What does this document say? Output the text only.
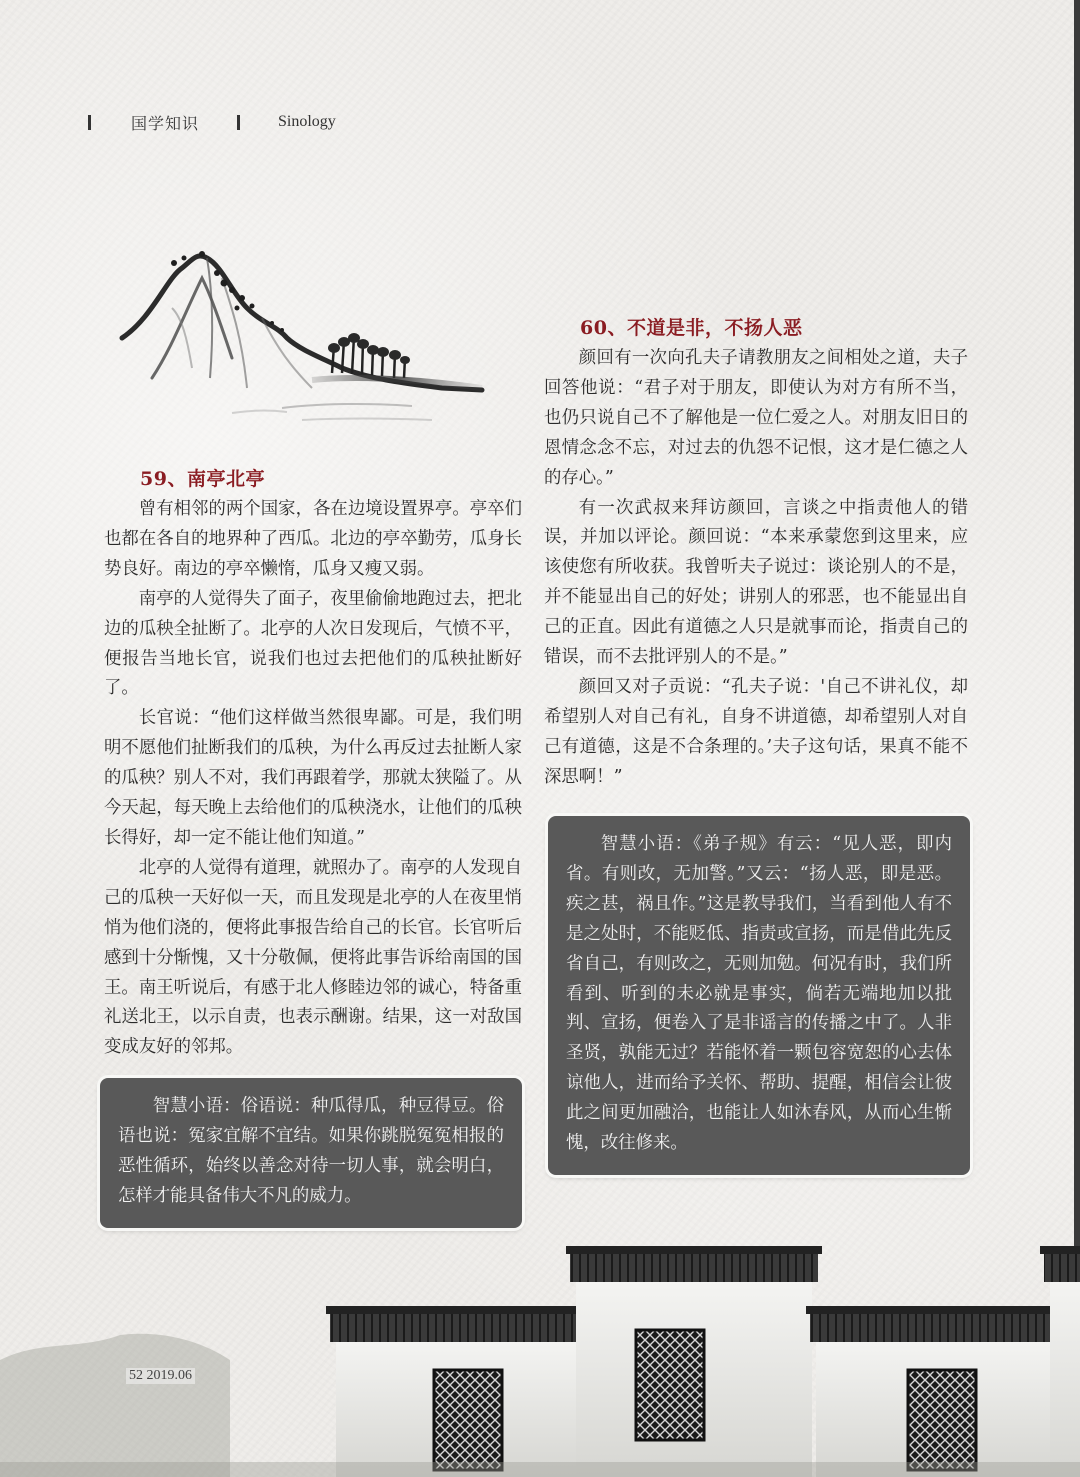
国学知识	Sinology
59、南亭北亭

曾有相邻的两个国家，各在边境设置界亭。亭卒们也都在各自的地界种了西瓜。北边的亭卒勤劳，瓜身长势良好。南边的亭卒懒惰，瓜身又瘦又弱。

南亭的人觉得失了面子，夜里偷偷地跑过去，把北边的瓜秧全扯断了。北亭的人次日发现后，气愤不平，便报告当地长官，说我们也过去把他们的瓜秧扯断好了。

长官说：“他们这样做当然很卑鄙。可是，我们明明不愿他们扯断我们的瓜秧，为什么再反过去扯断人家的瓜秧？别人不对，我们再跟着学，那就太狭隘了。从今天起，每天晚上去给他们的瓜秧浇水，让他们的瓜秧长得好，却一定不能让他们知道。”

北亭的人觉得有道理，就照办了。南亭的人发现自己的瓜秧一天好似一天，而且发现是北亭的人在夜里悄悄为他们浇的，便将此事报告给自己的长官。长官听后感到十分惭愧，又十分敬佩，便将此事告诉给南国的国王。南王听说后，有感于北人修睦边邻的诚心，特备重礼送北王，以示自责，也表示酬谢。结果，这一对敌国变成友好的邻邦。

智慧小语：俗语说：种瓜得瓜，种豆得豆。俗语也说：冤家宜解不宜结。如果你跳脱冤冤相报的恶性循环，始终以善念对待一切人事，就会明白，怎样才能具备伟大不凡的威力。

60、不道是非，不扬人恶

颜回有一次向孔夫子请教朋友之间相处之道，夫子回答他说：“君子对于朋友，即使认为对方有所不当，也仍只说自己不了解他是一位仁爱之人。对朋友旧日的恩情念念不忘，对过去的仇怨不记恨，这才是仁德之人的存心。”

有一次武叔来拜访颜回，言谈之中指责他人的错误，并加以评论。颜回说：“本来承蒙您到这里来，应该使您有所收获。我曾听夫子说过：谈论别人的不是，并不能显出自己的好处；讲别人的邪恶，也不能显出自己的正直。因此有道德之人只是就事而论，指责自己的错误，而不去批评别人的不是。”

颜回又对子贡说：“孔夫子说：'自己不讲礼仪，却希望别人对自己有礼，自身不讲道德，却希望别人对自己有道德，这是不合条理的。’夫子这句话，果真不能不深思啊！”

智慧小语：《弟子规》有云：“见人恶，即内省。有则改，无加警。”又云：“扬人恶，即是恶。疾之甚，祸且作。”这是教导我们，当看到他人有不是之处时，不能贬低、指责或宣扬，而是借此先反省自己，有则改之，无则加勉。何况有时，我们所看到、听到的未必就是事实，倘若无端地加以批判、宣扬，便卷入了是非谣言的传播之中了。人非圣贤，孰能无过？若能怀着一颗包容宽恕的心去体谅他人，进而给予关怀、帮助、提醒，相信会让彼此之间更加融洽，也能让人如沐春风，从而心生惭愧，改往修来。

52 2019.06
